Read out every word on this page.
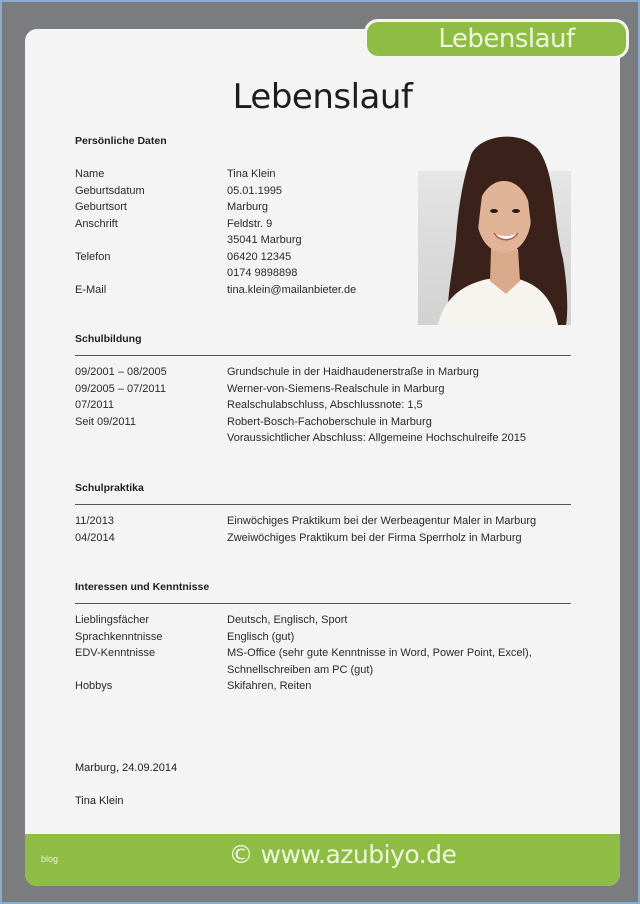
Lebenslauf
Lebenslauf
Persönliche Daten
Name	Tina Klein
Geburtsdatum	05.01.1995
Geburtsort	Marburg
Anschrift	Feldstr. 9
35041 Marburg
Telefon	06420 12345
0174 9898898
E-Mail	tina.klein@mailanbieter.de
Schulbildung
09/2001 – 08/2005	Grundschule in der Haidhaudenerstraße in Marburg
09/2005 – 07/2011	Werner-von-Siemens-Realschule in Marburg
07/2011	Realschulabschluss, Abschlussnote: 1,5
Seit 09/2011	Robert-Bosch-Fachoberschule in Marburg
Voraussichtlicher Abschluss: Allgemeine Hochschulreife 2015
Schulpraktika
11/2013	Einwöchiges Praktikum bei der Werbeagentur Maler in Marburg
04/2014	Zweiwöchiges Praktikum bei der Firma Sperrholz in Marburg
Interessen und Kenntnisse
Lieblingsfächer	Deutsch, Englisch, Sport
Sprachkenntnisse	Englisch (gut)
EDV-Kenntnisse	MS-Office (sehr gute Kenntnisse in Word, Power Point, Excel),
Schnellschreiben am PC (gut)
Hobbys	Skifahren, Reiten
Marburg, 24.09.2014
Tina Klein
blog	© www.azubiyo.de
